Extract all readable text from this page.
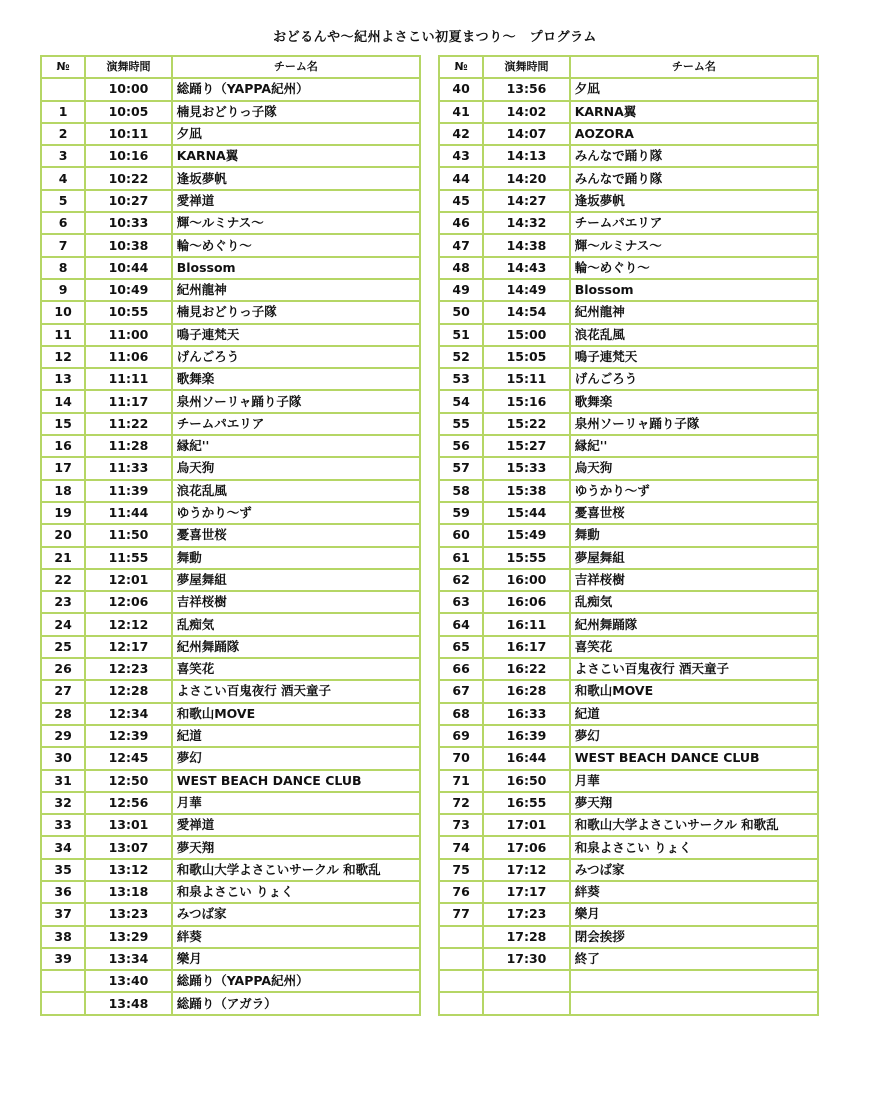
おどるんや〜紀州よさこい初夏まつり〜　プログラム
№	演舞時間	チーム名
	10:00	総踊り（YAPPA紀州）
1	10:05	楠見おどりっ子隊
2	10:11	夕凪
3	10:16	KARNA翼
4	10:22	逢坂夢帆
5	10:27	愛禅道
6	10:33	輝〜ルミナス〜
7	10:38	輪〜めぐり〜
8	10:44	Blossom
9	10:49	紀州龍神
10	10:55	楠見おどりっ子隊
11	11:00	鳴子連梵天
12	11:06	げんごろう
13	11:11	歌舞楽
14	11:17	泉州ソーリャ踊り子隊
15	11:22	チームパエリア
16	11:28	縁紀''
17	11:33	烏天狗
18	11:39	浪花乱風
19	11:44	ゆうかり〜ず
20	11:50	憂喜世桜
21	11:55	舞動
22	12:01	夢屋舞組
23	12:06	吉祥桜樹
24	12:12	乱痴気
25	12:17	紀州舞踊隊
26	12:23	喜笑花
27	12:28	よさこい百鬼夜行 酒天童子
28	12:34	和歌山MOVE
29	12:39	紀道
30	12:45	夢幻
31	12:50	WEST BEACH DANCE CLUB
32	12:56	月華
33	13:01	愛禅道
34	13:07	夢天翔
35	13:12	和歌山大学よさこいサークル 和歌乱
36	13:18	和泉よさこい りょく
37	13:23	みつば家
38	13:29	絆葵
39	13:34	樂月
	13:40	総踊り（YAPPA紀州）
	13:48	総踊り（アガラ）
№	演舞時間	チーム名
40	13:56	夕凪
41	14:02	KARNA翼
42	14:07	AOZORA
43	14:13	みんなで踊り隊
44	14:20	みんなで踊り隊
45	14:27	逢坂夢帆
46	14:32	チームパエリア
47	14:38	輝〜ルミナス〜
48	14:43	輪〜めぐり〜
49	14:49	Blossom
50	14:54	紀州龍神
51	15:00	浪花乱風
52	15:05	鳴子連梵天
53	15:11	げんごろう
54	15:16	歌舞楽
55	15:22	泉州ソーリャ踊り子隊
56	15:27	縁紀''
57	15:33	烏天狗
58	15:38	ゆうかり〜ず
59	15:44	憂喜世桜
60	15:49	舞動
61	15:55	夢屋舞組
62	16:00	吉祥桜樹
63	16:06	乱痴気
64	16:11	紀州舞踊隊
65	16:17	喜笑花
66	16:22	よさこい百鬼夜行 酒天童子
67	16:28	和歌山MOVE
68	16:33	紀道
69	16:39	夢幻
70	16:44	WEST BEACH DANCE CLUB
71	16:50	月華
72	16:55	夢天翔
73	17:01	和歌山大学よさこいサークル 和歌乱
74	17:06	和泉よさこい りょく
75	17:12	みつば家
76	17:17	絆葵
77	17:23	樂月
	17:28	閉会挨拶
	17:30	終了
